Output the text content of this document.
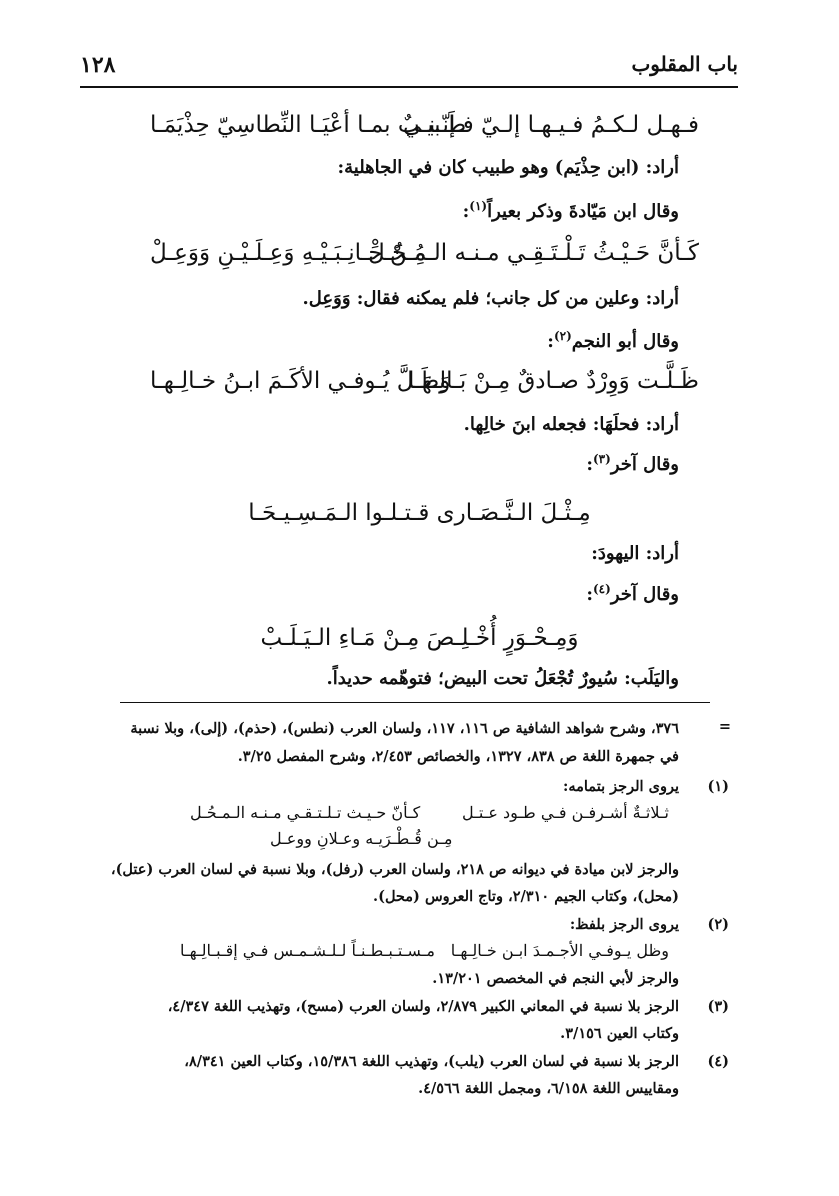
باب المقلوب
١٢٨
فـهـل لـكـمُ فـيـهـا إلـيّ فـإنّـنـي
طَـبيـبٌ بمـا أعْيَـا النِّطاسِيّ حِذْيَمَـا
أراد: (ابن حِذْيَم) وهو طبيب كان في الجاهلية:
وقال ابن مَيّادةَ وذكر بعيراً$^{(١)}$:
كَـأنَّ حَـيْـثُ تَـلْـتَـقِـي مـنـه الـمُـحُـلْ
مِـنْ جَـانِـبَـيْـهِ وَعِـلَـيْـنِ وَوَعِـلْ
أراد: وعلين من كل جانب؛ فلم يمكنه فقال: وَوَعِل.
وقال أبو النجم$^{(٢)}$:
ظَـلَّـت وَوِرْدٌ صـادقٌ مِـنْ بَـالِـهَـا
وَظَـلَّ يُـوفـي الأكَـمَ ابـنُ خـالِـهـا
أراد: فحلَهَا: فجعله ابنَ خالِها.
وقال آخر$^{(٣)}$:
مِـثْـلَ الـنَّـصَـارى قـتـلـوا الـمَـسِـيـحَـا
أراد: اليهودَ:
وقال آخر$^{(٤)}$:
وَمِـحْـوَرٍ أُخْـلِـصَ مِـنْ مَـاءِ الـيَـلَـبْ
واليَلَب: سُيورٌ تُجْعَلُ تحت البيض؛ فتوهّمه حديداً.
=
٣٧٦، وشرح شواهد الشافية ص ١١٦، ١١٧، ولسان العرب (نطس)، (حذم)، (إلى)، وبلا نسبة
في جمهرة اللغة ص ٨٣٨، ١٣٢٧، والخصائص ٢/٤٥٣، وشرح المفصل ٣/٢٥.
(١)
يروى الرجز بتمامه:
ثـلاثـةٌ أشـرفـن فـي طـود عـتـل
كـأنّ حـيـث تـلـتـقـي مـنـه الـمـحُـل
مِـن قُـطْـرَيـه وعـلانِ ووعـل
والرجز لابن ميادة في ديوانه ص ٢١٨، ولسان العرب (رفل)، وبلا نسبة في لسان العرب (عتل)،
(محل)، وكتاب الجيم ٢/٣١٠، وتاج العروس (محل).
(٢)
يروى الرجز بلفظ:
وظل يـوفـي الأجـمـدَ ابـن خـالِـهـا
مـسـتـبـطـنـاً لـلـشـمـس فـي إقـبـالِـهـا
والرجز لأبي النجم في المخصص ١٣/٢٠١.
(٣)
الرجز بلا نسبة في المعاني الكبير ٢/٨٧٩، ولسان العرب (مسح)، وتهذيب اللغة ٤/٣٤٧،
وكتاب العين ٣/١٥٦.
(٤)
الرجز بلا نسبة في لسان العرب (يلب)، وتهذيب اللغة ١٥/٣٨٦، وكتاب العين ٨/٣٤١،
ومقاييس اللغة ٦/١٥٨، ومجمل اللغة ٤/٥٦٦.
